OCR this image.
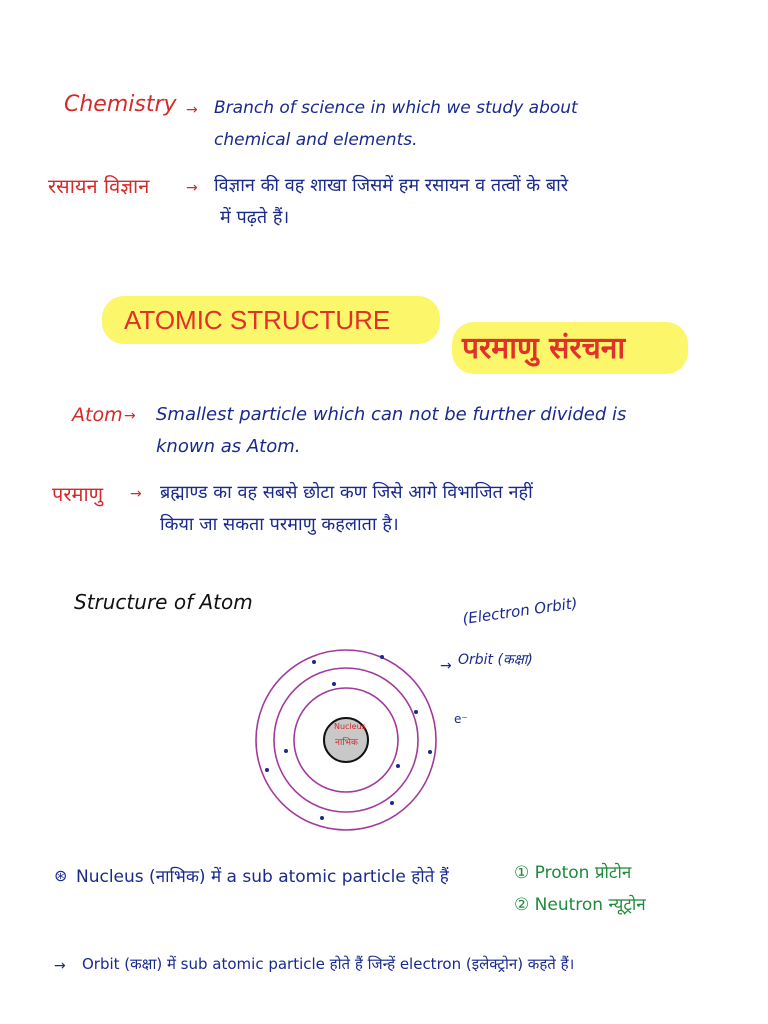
Chemistry → Branch of science in which we study about
chemical and elements.
रसायन विज्ञान	→ विज्ञान की वह शाखा जिसमें हम रसायन व तत्वों के बारे
में पढ़ते हैं।
ATOMIC STRUCTURE
परमाणु संरचना
Atom → Smallest particle which can not be further divided is
known as Atom.
परमाणु → ब्रह्माण्ड का वह सबसे छोटा कण जिसे आगे विभाजित नहीं
किया जा सकता परमाणु कहलाता है।
Structure of Atom
Nucleus
नाभिक
(Electron Orbit)
→ Orbit (कक्षा)
e⁻
⊛ Nucleus (नाभिक) में a sub atomic particle होते हैं	① Proton प्रोटोन
② Neutron न्यूट्रोन
→ Orbit (कक्षा) में sub atomic particle होते हैं जिन्हें electron (इलेक्ट्रोन) कहते हैं।
